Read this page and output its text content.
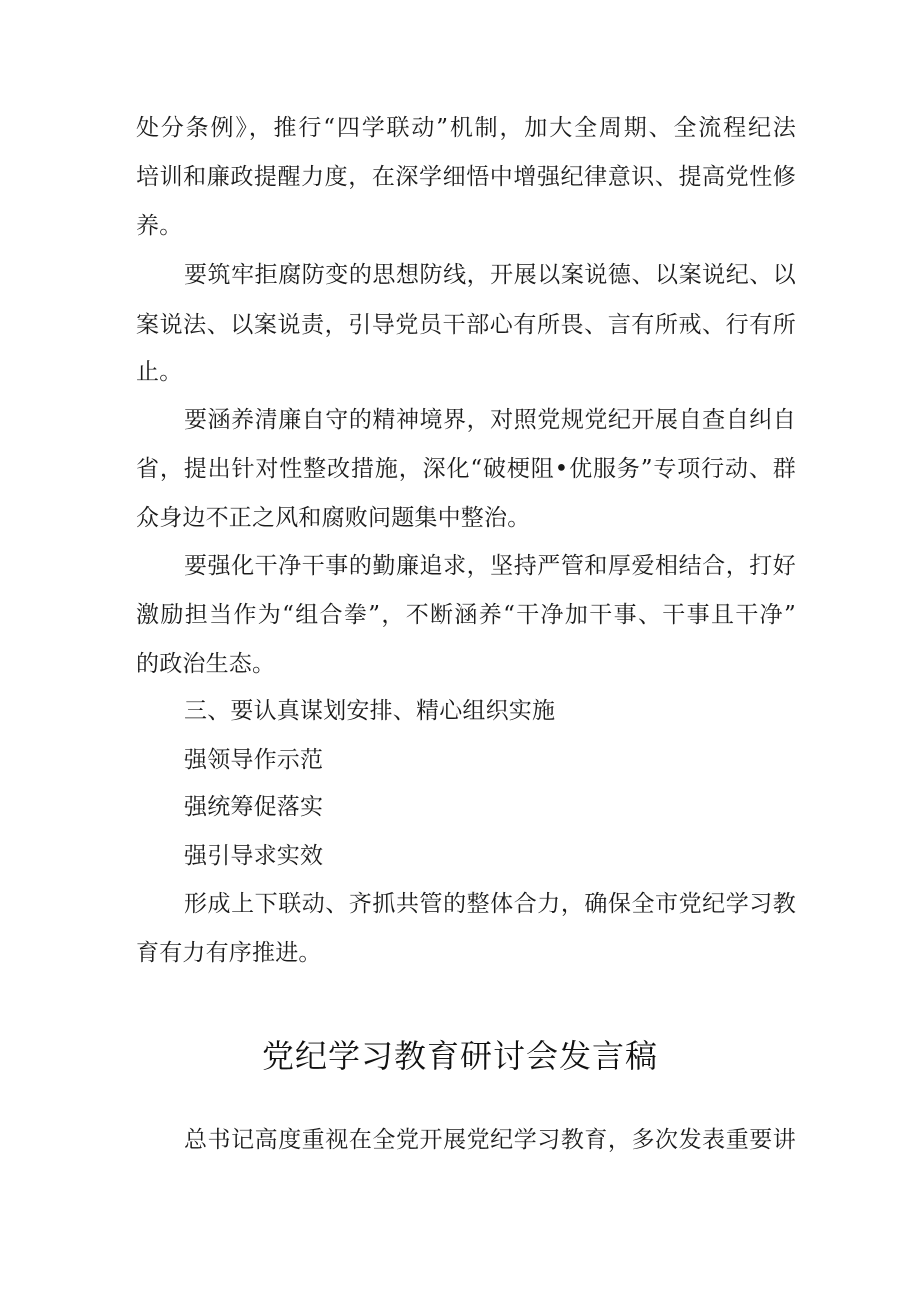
处分条例》，推行“四学联动”机制，加大全周期、全流程纪法
培训和廉政提醒力度，在深学细悟中增强纪律意识、提高党性修
养。
要筑牢拒腐防变的思想防线，开展以案说德、以案说纪、以
案说法、以案说责，引导党员干部心有所畏、言有所戒、行有所
止。
要涵养清廉自守的精神境界，对照党规党纪开展自查自纠自
省，提出针对性整改措施，深化“破梗阻•优服务”专项行动、群
众身边不正之风和腐败问题集中整治。
要强化干净干事的勤廉追求，坚持严管和厚爱相结合，打好
激励担当作为“组合拳”，不断涵养“干净加干事、干事且干净”
的政治生态。
三、要认真谋划安排、精心组织实施
强领导作示范
强统筹促落实
强引导求实效
形成上下联动、齐抓共管的整体合力，确保全市党纪学习教
育有力有序推进。
党纪学习教育研讨会发言稿
总书记高度重视在全党开展党纪学习教育，多次发表重要讲
